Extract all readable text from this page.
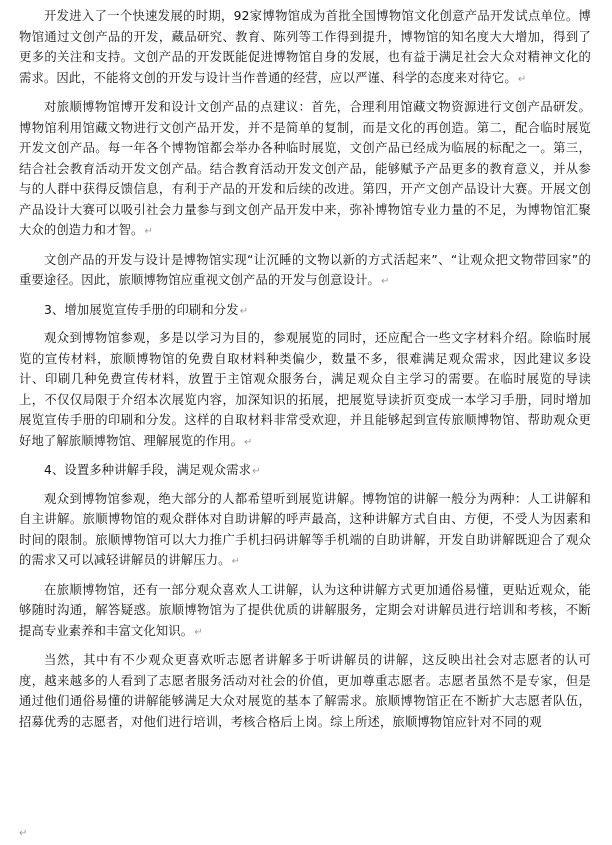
开发进入了一个快速发展的时期，92家博物馆成为首批全国博物馆文化创意产品开发试点单位。博物馆通过文创产品的开发，藏品研究、教育、陈列等工作得到提升，博物馆的知名度大大增加，得到了更多的关注和支持。文创产品的开发既能促进博物馆自身的发展，也有益于满足社会大众对精神文化的需求。因此，不能将文创的开发与设计当作普通的经营，应以严谨、科学的态度来对待它。↵

对旅顺博物馆博开发和设计文创产品的点建议：首先，合理利用馆藏文物资源进行文创产品研发。博物馆利用馆藏文物进行文创产品开发，并不是简单的复制，而是文化的再创造。第二，配合临时展览开发文创产品。每一年各个博物馆都会举办各种临时展览，文创产品已经成为临展的标配之一。第三，结合社会教育活动开发文创产品。结合教育活动开发文创产品，能够赋予产品更多的教育意义，并从参与的人群中获得反馈信息，有利于产品的开发和后续的改进。第四，开产文创产品设计大赛。开展文创产品设计大赛可以吸引社会力量参与到文创产品开发中来，弥补博物馆专业力量的不足，为博物馆汇聚大众的创造力和才智。↵

文创产品的开发与设计是博物馆实现“让沉睡的文物以新的方式活起来”、“让观众把文物带回家”的重要途径。因此，旅顺博物馆应重视文创产品的开发与创意设计。↵

3、增加展览宣传手册的印刷和分发↵

观众到博物馆参观，多是以学习为目的，参观展览的同时，还应配合一些文字材料介绍。除临时展览的宣传材料，旅顺博物馆的免费自取材料种类偏少，数量不多，很难满足观众需求，因此建议多设计、印刷几种免费宣传材料，放置于主馆观众服务台，满足观众自主学习的需要。在临时展览的导读上，不仅仅局限于介绍本次展览内容，加深知识的拓展，把展览导读折页变成一本学习手册，同时增加展览宣传手册的印刷和分发。这样的自取材料非常受欢迎，并且能够起到宣传旅顺博物馆、帮助观众更好地了解旅顺博物馆、理解展览的作用。↵

4、设置多种讲解手段，满足观众需求↵

观众到博物馆参观，绝大部分的人都希望听到展览讲解。博物馆的讲解一般分为两种：人工讲解和自主讲解。旅顺博物馆的观众群体对自助讲解的呼声最高，这种讲解方式自由、方便，不受人为因素和时间的限制。旅顺博物馆可以大力推广手机扫码讲解等手机端的自助讲解，开发自助讲解既迎合了观众的需求又可以减轻讲解员的讲解压力。↵

在旅顺博物馆，还有一部分观众喜欢人工讲解，认为这种讲解方式更加通俗易懂，更贴近观众，能够随时沟通，解答疑惑。旅顺博物馆为了提供优质的讲解服务，定期会对讲解员进行培训和考核，不断提高专业素养和丰富文化知识。↵

当然，其中有不少观众更喜欢听志愿者讲解多于听讲解员的讲解，这反映出社会对志愿者的认可度，越来越多的人看到了志愿者服务活动对社会的价值，更加尊重志愿者。志愿者虽然不是专家，但是通过他们通俗易懂的讲解能够满足大众对展览的基本了解需求。旅顺博物馆正在不断扩大志愿者队伍，招募优秀的志愿者，对他们进行培训，考核合格后上岗。综上所述，旅顺博物馆应针对不同的观

↵
